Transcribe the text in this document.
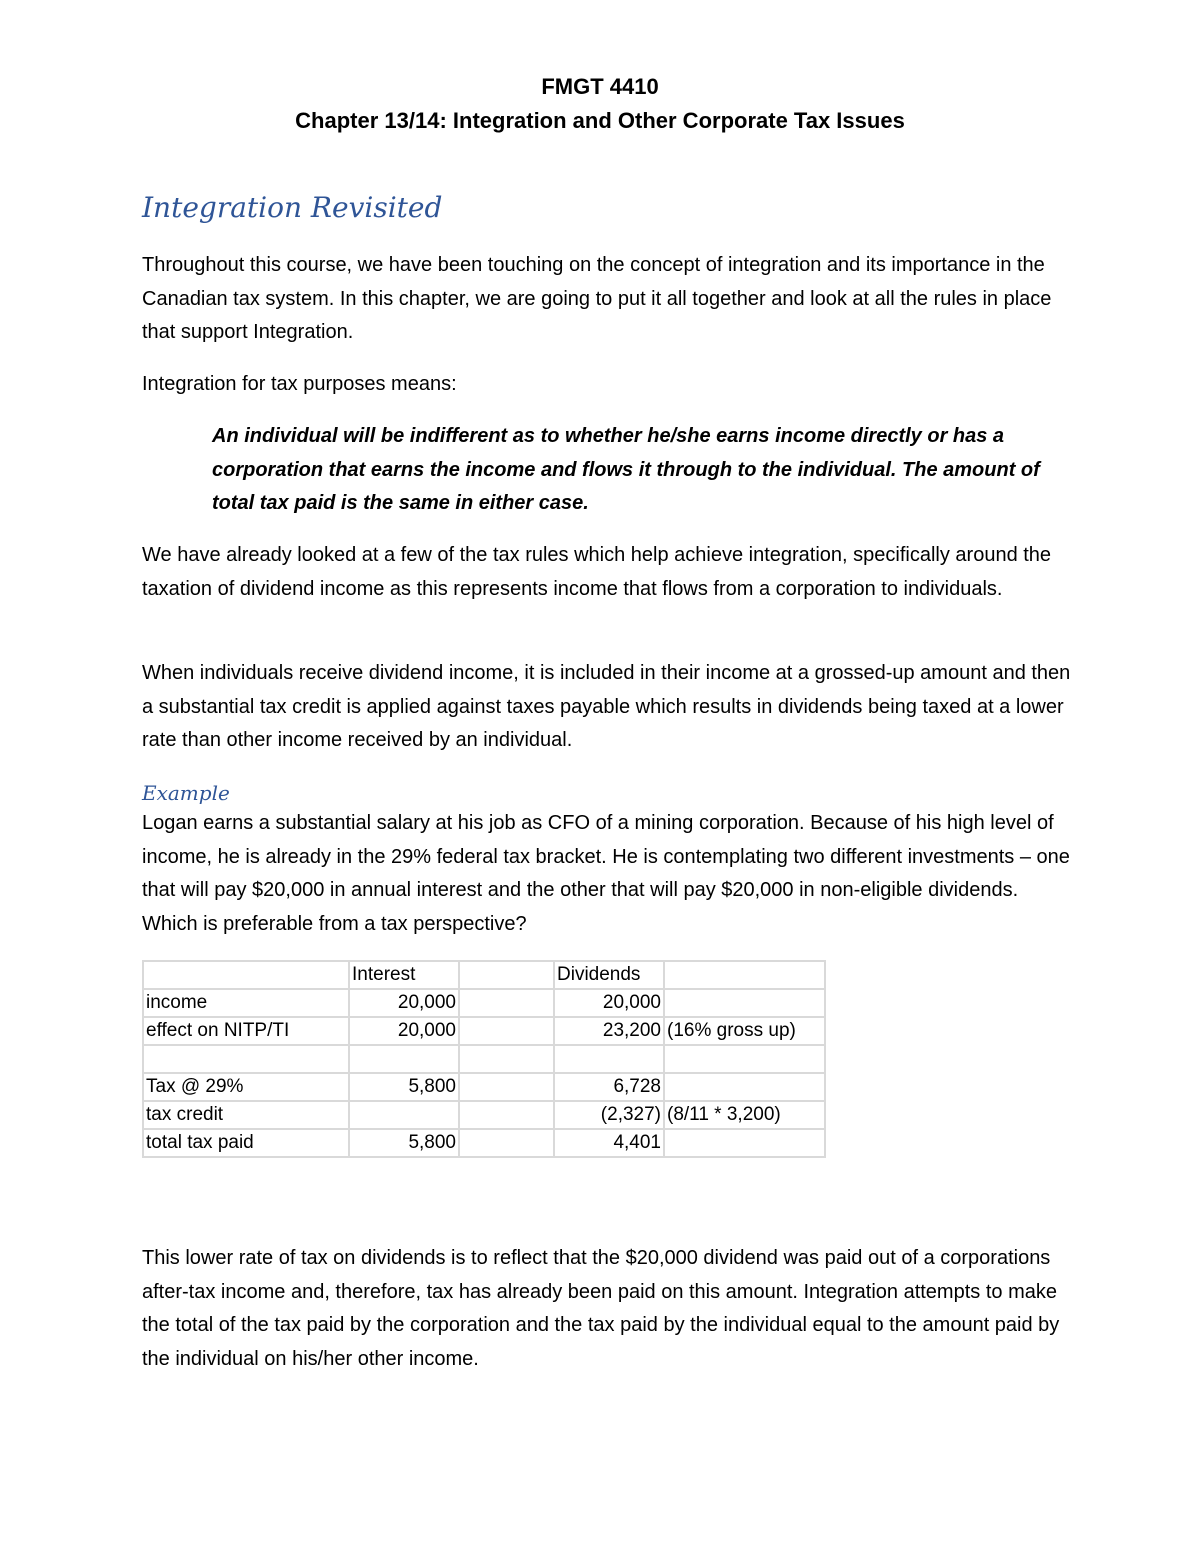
FMGT 4410
Chapter 13/14: Integration and Other Corporate Tax Issues
Integration Revisited
Throughout this course, we have been touching on the concept of integration and its importance in the Canadian tax system. In this chapter, we are going to put it all together and look at all the rules in place that support Integration.
Integration for tax purposes means:
An individual will be indifferent as to whether he/she earns income directly or has a corporation that earns the income and flows it through to the individual. The amount of total tax paid is the same in either case.
We have already looked at a few of the tax rules which help achieve integration, specifically around the taxation of dividend income as this represents income that flows from a corporation to individuals.
When individuals receive dividend income, it is included in their income at a grossed-up amount and then a substantial tax credit is applied against taxes payable which results in dividends being taxed at a lower rate than other income received by an individual.
Example
Logan earns a substantial salary at his job as CFO of a mining corporation. Because of his high level of income, he is already in the 29% federal tax bracket. He is contemplating two different investments – one that will pay $20,000 in annual interest and the other that will pay $20,000 in non-eligible dividends. Which is preferable from a tax perspective?
	Interest		Dividends	
income	20,000		20,000	
effect on NITP/TI	20,000		23,200	(16% gross up)

Tax @ 29%	5,800		6,728	
tax credit			(2,327)	(8/11 * 3,200)
total tax paid	5,800		4,401	
This lower rate of tax on dividends is to reflect that the $20,000 dividend was paid out of a corporations after-tax income and, therefore, tax has already been paid on this amount. Integration attempts to make the total of the tax paid by the corporation and the tax paid by the individual equal to the amount paid by the individual on his/her other income.
